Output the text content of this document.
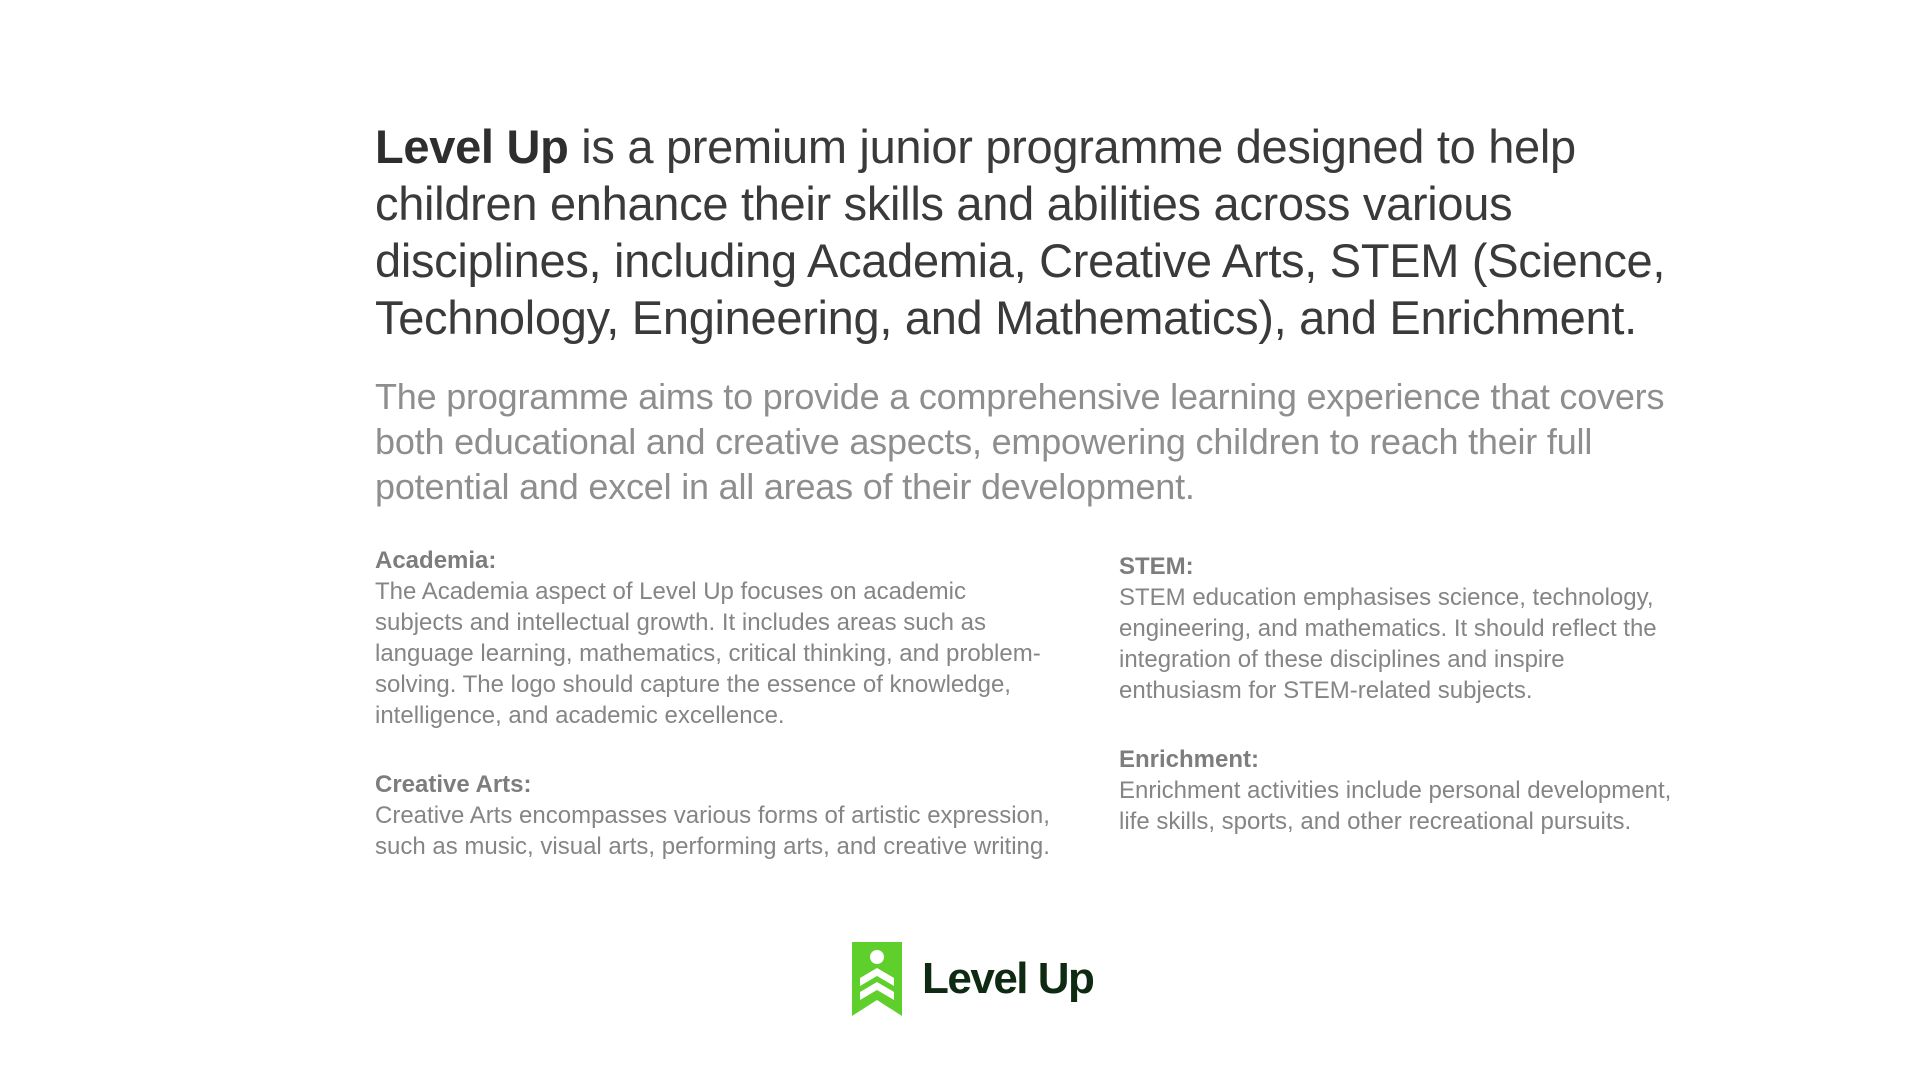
Level Up is a premium junior programme designed to help children enhance their skills and abilities across various disciplines, including Academia, Creative Arts, STEM (Science, Technology, Engineering, and Mathematics), and Enrichment.

The programme aims to provide a comprehensive learning experience that covers both educational and creative aspects, empowering children to reach their full potential and excel in all areas of their development.

Academia:

The Academia aspect of Level Up focuses on academic subjects and intellectual growth. It includes areas such as language learning, mathematics, critical thinking, and problem-solving. The logo should capture the essence of knowledge, intelligence, and academic excellence.

Creative Arts:

Creative Arts encompasses various forms of artistic expression, such as music, visual arts, performing arts, and creative writing.

STEM:

STEM education emphasises science, technology, engineering, and mathematics. It should reflect the integration of these disciplines and inspire enthusiasm for STEM-related subjects.

Enrichment:

Enrichment activities include personal development, life skills, sports, and other recreational pursuits.

Level Up
